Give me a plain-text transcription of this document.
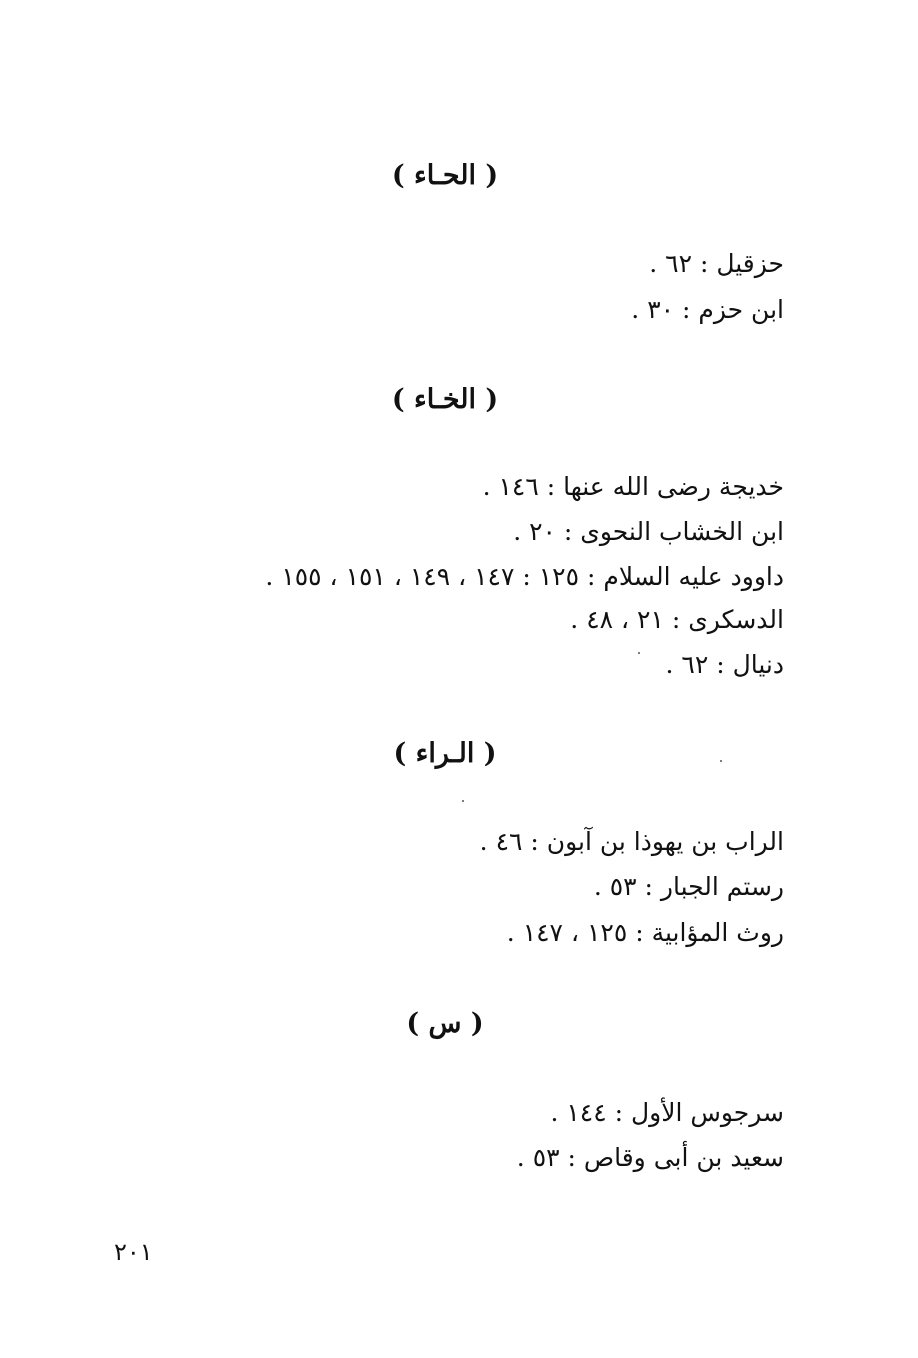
( الحـاء )
حزقيل : ٦٢ .
ابن حزم : ٣٠ .
( الخـاء )
خديجة رضى الله عنها : ١٤٦ .
ابن الخشاب النحوى : ٢٠ .
داوود عليه السلام : ١٢٥ : ١٤٧ ، ١٤٩ ، ١٥١ ، ١٥٥ .
الدسكرى : ٢١ ، ٤٨ .
دنيال : ٦٢ .
( الـراء )
الراب بن يهوذا بن آبون : ٤٦ .
رستم الجبار : ٥٣ .
روث المؤابية : ١٢٥ ، ١٤٧ .
( س )
سرجوس الأول : ١٤٤ .
سعيد بن أبى وقاص : ٥٣ .
٢٠١
